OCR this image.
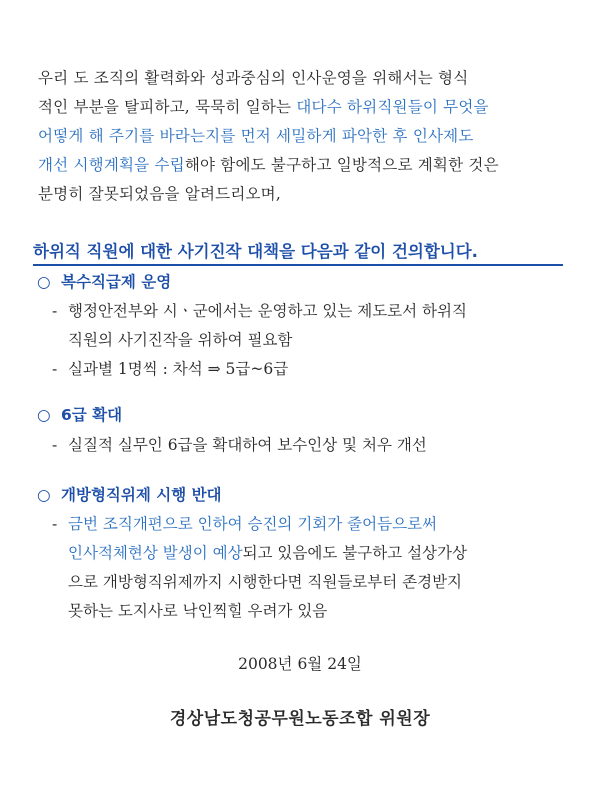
우리 도 조직의 활력화와 성과중심의 인사운영을 위해서는 형식
적인 부분을 탈피하고, 묵묵히 일하는 대다수 하위직원들이 무엇을
어떻게 해 주기를 바라는지를 먼저 세밀하게 파악한 후 인사제도
개선 시행계획을 수립해야 함에도 불구하고 일방적으로 계획한 것은
분명히 잘못되었음을 알려드리오며,
하위직 직원에 대한 사기진작 대책을 다음과 같이 건의합니다.
○ 복수직급제 운영
- 행정안전부와 시ㆍ군에서는 운영하고 있는 제도로서 하위직
직원의 사기진작을 위하여 필요함
- 실과별 1명씩 : 차석 ⇒ 5급~6급
○ 6급 확대
- 실질적 실무인 6급을 확대하여 보수인상 및 처우 개선
○ 개방형직위제 시행 반대
- 금번 조직개편으로 인하여 승진의 기회가 줄어듬으로써
인사적체현상 발생이 예상되고 있음에도 불구하고 설상가상
으로 개방형직위제까지 시행한다면 직원들로부터 존경받지
못하는 도지사로 낙인찍힐 우려가 있음
2008년 6월 24일
경상남도청공무원노동조합 위원장
